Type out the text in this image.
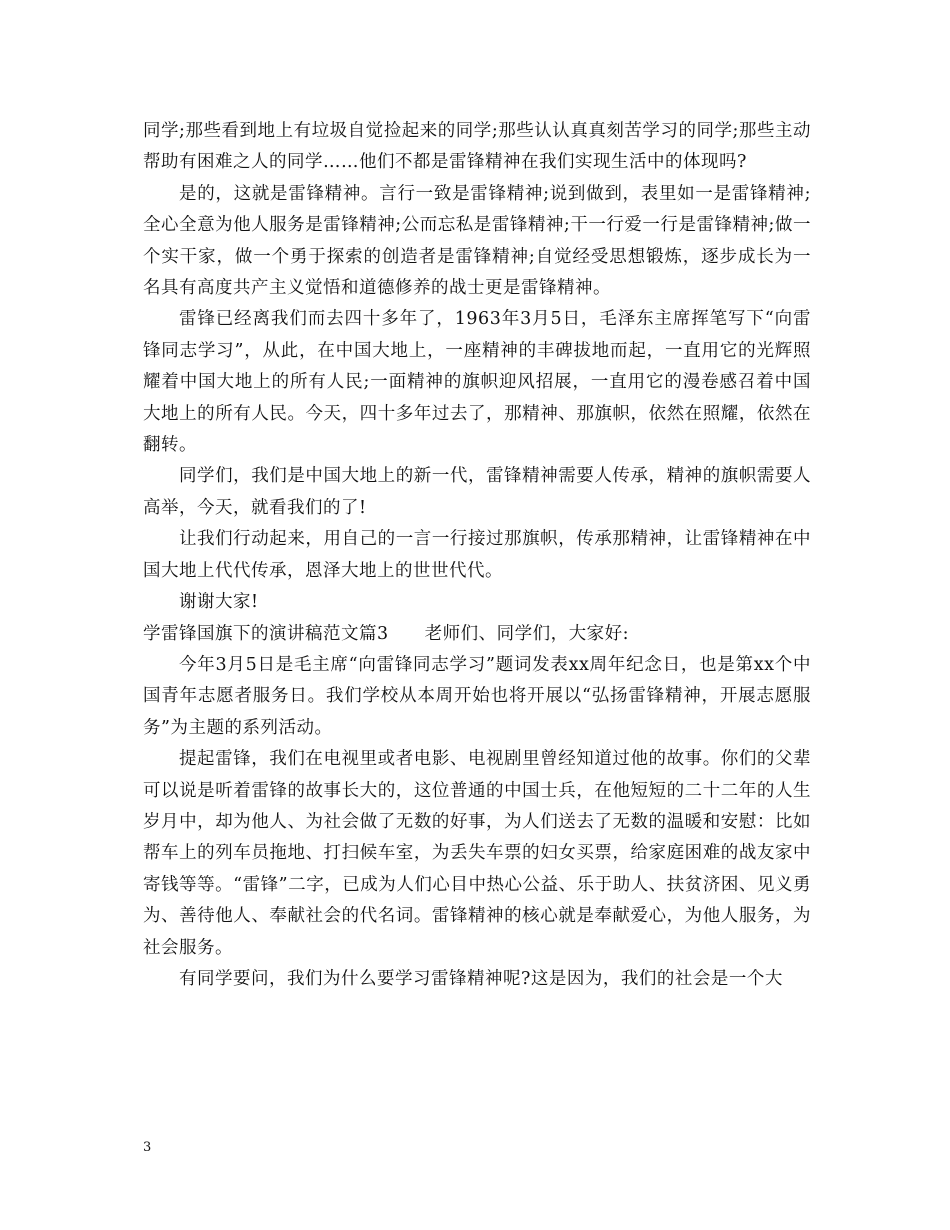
同学;那些看到地上有垃圾自觉捡起来的同学;那些认认真真刻苦学习的同学;那些主动帮助有困难之人的同学……他们不都是雷锋精神在我们实现生活中的体现吗?

是的，这就是雷锋精神。言行一致是雷锋精神;说到做到，表里如一是雷锋精神;全心全意为他人服务是雷锋精神;公而忘私是雷锋精神;干一行爱一行是雷锋精神;做一个实干家，做一个勇于探索的创造者是雷锋精神;自觉经受思想锻炼，逐步成长为一名具有高度共产主义觉悟和道德修养的战士更是雷锋精神。

雷锋已经离我们而去四十多年了，1963年3月5日，毛泽东主席挥笔写下“向雷锋同志学习”，从此，在中国大地上，一座精神的丰碑拔地而起，一直用它的光辉照耀着中国大地上的所有人民;一面精神的旗帜迎风招展，一直用它的漫卷感召着中国大地上的所有人民。今天，四十多年过去了，那精神、那旗帜，依然在照耀，依然在翻转。

同学们，我们是中国大地上的新一代，雷锋精神需要人传承，精神的旗帜需要人高举，今天，就看我们的了!

让我们行动起来，用自己的一言一行接过那旗帜，传承那精神，让雷锋精神在中国大地上代代传承，恩泽大地上的世世代代。

谢谢大家!

学雷锋国旗下的演讲稿范文篇3　　老师们、同学们，大家好:

今年3月5日是毛主席“向雷锋同志学习”题词发表xx周年纪念日，也是第xx个中国青年志愿者服务日。我们学校从本周开始也将开展以“弘扬雷锋精神，开展志愿服务”为主题的系列活动。

提起雷锋，我们在电视里或者电影、电视剧里曾经知道过他的故事。你们的父辈可以说是听着雷锋的故事长大的，这位普通的中国士兵，在他短短的二十二年的人生岁月中，却为他人、为社会做了无数的好事，为人们送去了无数的温暖和安慰：比如帮车上的列车员拖地、打扫候车室，为丢失车票的妇女买票，给家庭困难的战友家中寄钱等等。“雷锋”二字，已成为人们心目中热心公益、乐于助人、扶贫济困、见义勇为、善待他人、奉献社会的代名词。雷锋精神的核心就是奉献爱心，为他人服务，为社会服务。

有同学要问，我们为什么要学习雷锋精神呢?这是因为，我们的社会是一个大

3
